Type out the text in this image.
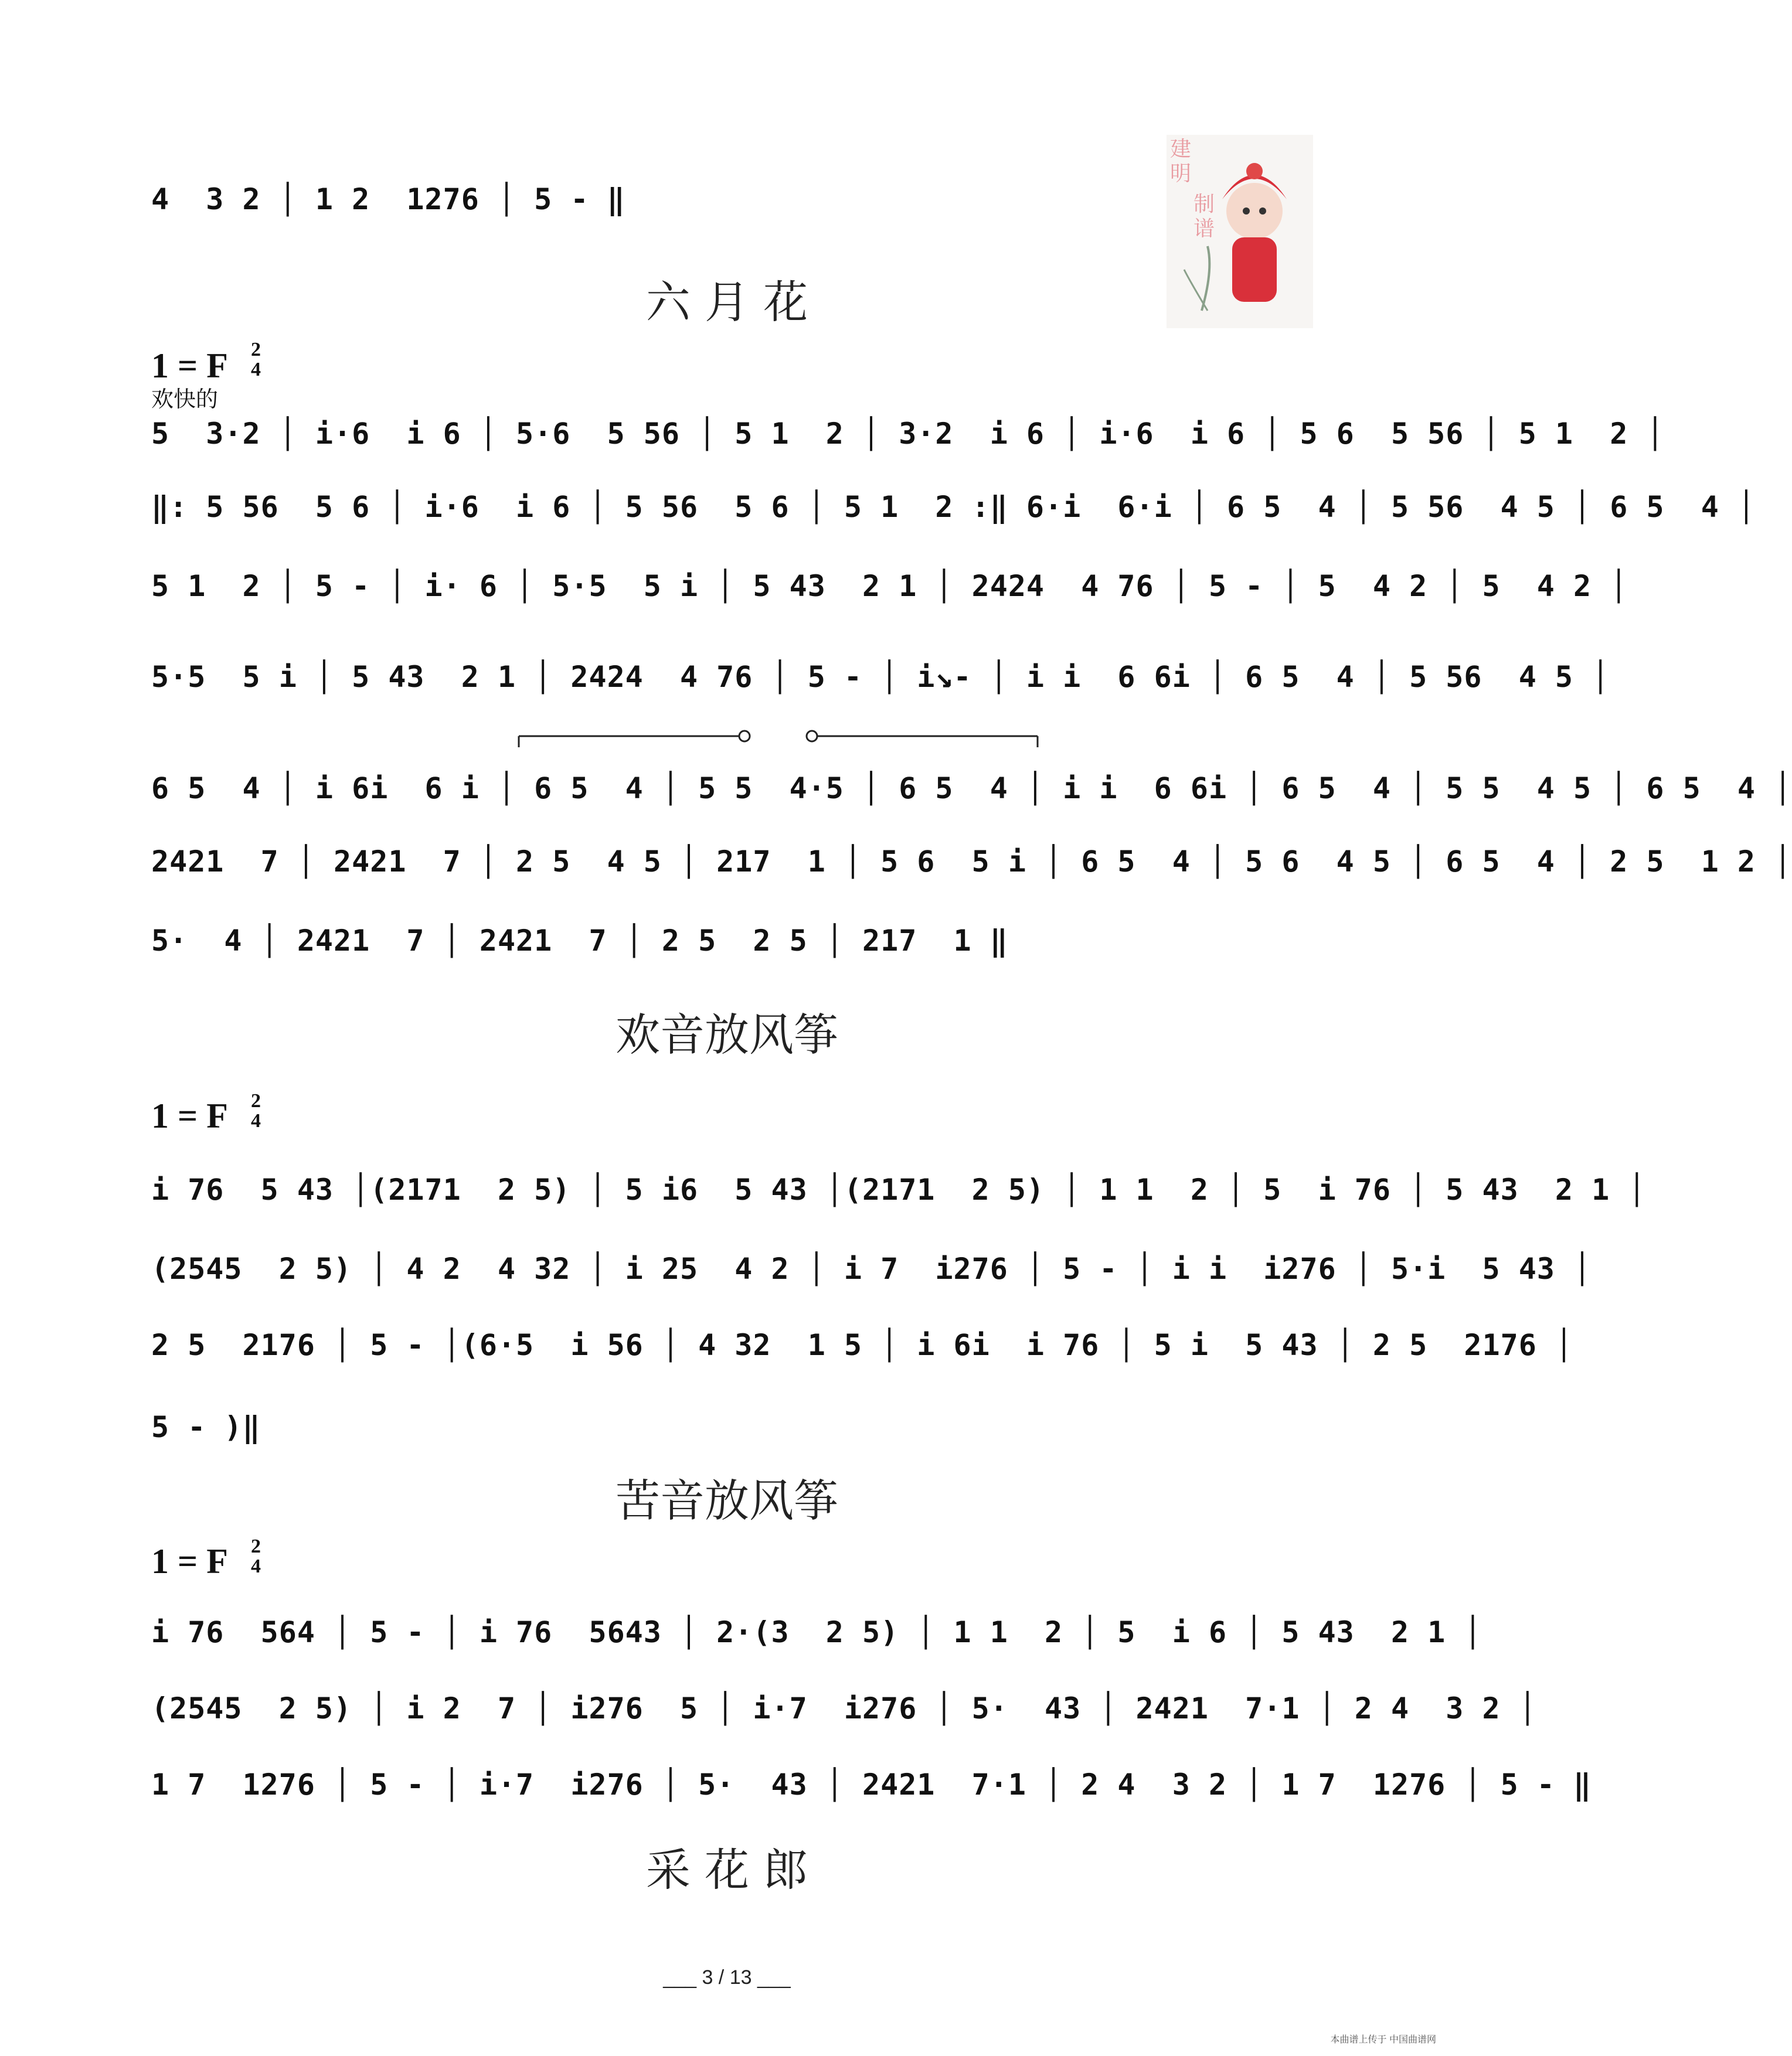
建明
制谱
4  3 2 │ 1 2  1276 │ 5 - ‖
六 月 花
1 = F 2
4
欢快的
5  3·2 │ i·6  i 6 │ 5·6  5 56 │ 5 1  2 │ 3·2  i 6 │ i·6  i 6 │ 5 6  5 56 │ 5 1  2 │
‖: 5 56  5 6 │ i·6  i 6 │ 5 56  5 6 │ 5 1  2 :‖ 6·i  6·i │ 6 5  4 │ 5 56  4 5 │ 6 5  4 │
5 1  2 │ 5 - │ i· 6 │ 5·5  5 i │ 5 43  2 1 │ 2424  4 76 │ 5 - │ 5  4 2 │ 5  4 2 │
5·5  5 i │ 5 43  2 1 │ 2424  4 76 │ 5 - │ i↘- │ i i  6 6i │ 6 5  4 │ 5 56  4 5 │
6 5  4 │ i 6i  6 i │ 6 5  4 │ 5 5  4·5 │ 6 5  4 │ i i  6 6i │ 6 5  4 │ 5 5  4 5 │ 6 5  4 │
2421  7 │ 2421  7 │ 2 5  4 5 │ 217  1 │ 5 6  5 i │ 6 5  4 │ 5 6  4 5 │ 6 5  4 │ 2 5  1 2 │
5·  4 │ 2421  7 │ 2421  7 │ 2 5  2 5 │ 217  1 ‖
欢音放风筝
1 = F 2
4
i 76  5 43 │(2171  2 5) │ 5 i6  5 43 │(2171  2 5) │ 1 1  2 │ 5  i 76 │ 5 43  2 1 │
(2545  2 5) │ 4 2  4 32 │ i 25  4 2 │ i 7  i276 │ 5 - │ i i  i276 │ 5·i  5 43 │
2 5  2176 │ 5 - │(6·5  i 56 │ 4 32  1 5 │ i 6i  i 76 │ 5 i  5 43 │ 2 5  2176 │
5 - )‖
苦音放风筝
1 = F 2
4
i 76  564 │ 5 - │ i 76  5643 │ 2·(3  2 5) │ 1 1  2 │ 5  i 6 │ 5 43  2 1 │
(2545  2 5) │ i 2  7 │ i276  5 │ i·7  i276 │ 5·  43 │ 2421  7·1 │ 2 4  3 2 │
1 7  1276 │ 5 - │ i·7  i276 │ 5·  43 │ 2421  7·1 │ 2 4  3 2 │ 1 7  1276 │ 5 - ‖
采 花 郎
___ 3 / 13 ___
本曲谱上传于 中国曲谱网
